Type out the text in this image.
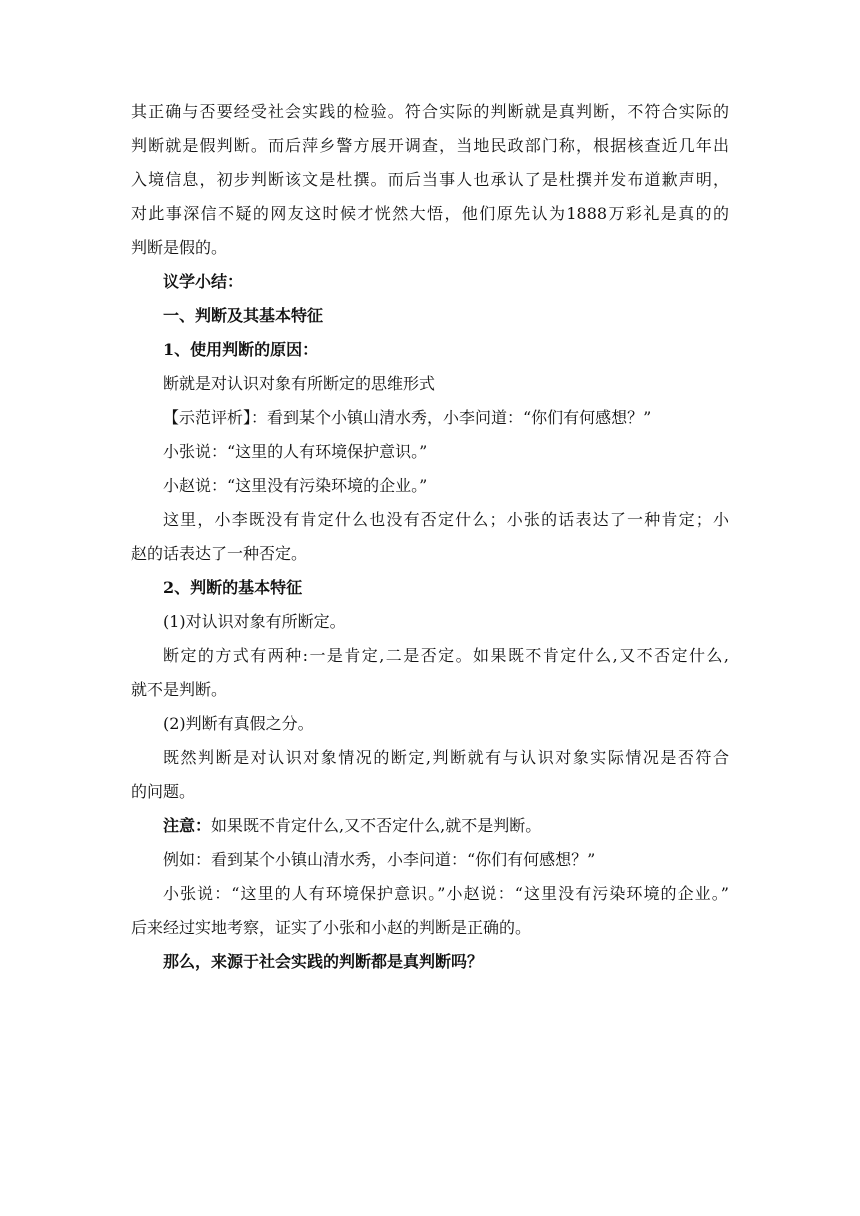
其正确与否要经受社会实践的检验。符合实际的判断就是真判断，不符合实际的
判断就是假判断。而后萍乡警方展开调查，当地民政部门称，根据核查近几年出
入境信息，初步判断该文是杜撰。而后当事人也承认了是杜撰并发布道歉声明，
对此事深信不疑的网友这时候才恍然大悟，他们原先认为1888万彩礼是真的的
判断是假的。
议学小结：
一、判断及其基本特征
1、使用判断的原因：
断就是对认识对象有所断定的思维形式
【示范评析】：看到某个小镇山清水秀，小李问道：“你们有何感想？”
小张说：“这里的人有环境保护意识。”
小赵说：“这里没有污染环境的企业。”
这里，小李既没有肯定什么也没有否定什么；小张的话表达了一种肯定；小
赵的话表达了一种否定。
2、判断的基本特征
(1)对认识对象有所断定。
断定的方式有两种:一是肯定,二是否定。如果既不肯定什么,又不否定什么,
就不是判断。
(2)判断有真假之分。
既然判断是对认识对象情况的断定,判断就有与认识对象实际情况是否符合
的问题。
注意：如果既不肯定什么,又不否定什么,就不是判断。
例如：看到某个小镇山清水秀，小李问道：“你们有何感想？”
小张说：“这里的人有环境保护意识。”小赵说：“这里没有污染环境的企业。”
后来经过实地考察，证实了小张和小赵的判断是正确的。
那么，来源于社会实践的判断都是真判断吗？
